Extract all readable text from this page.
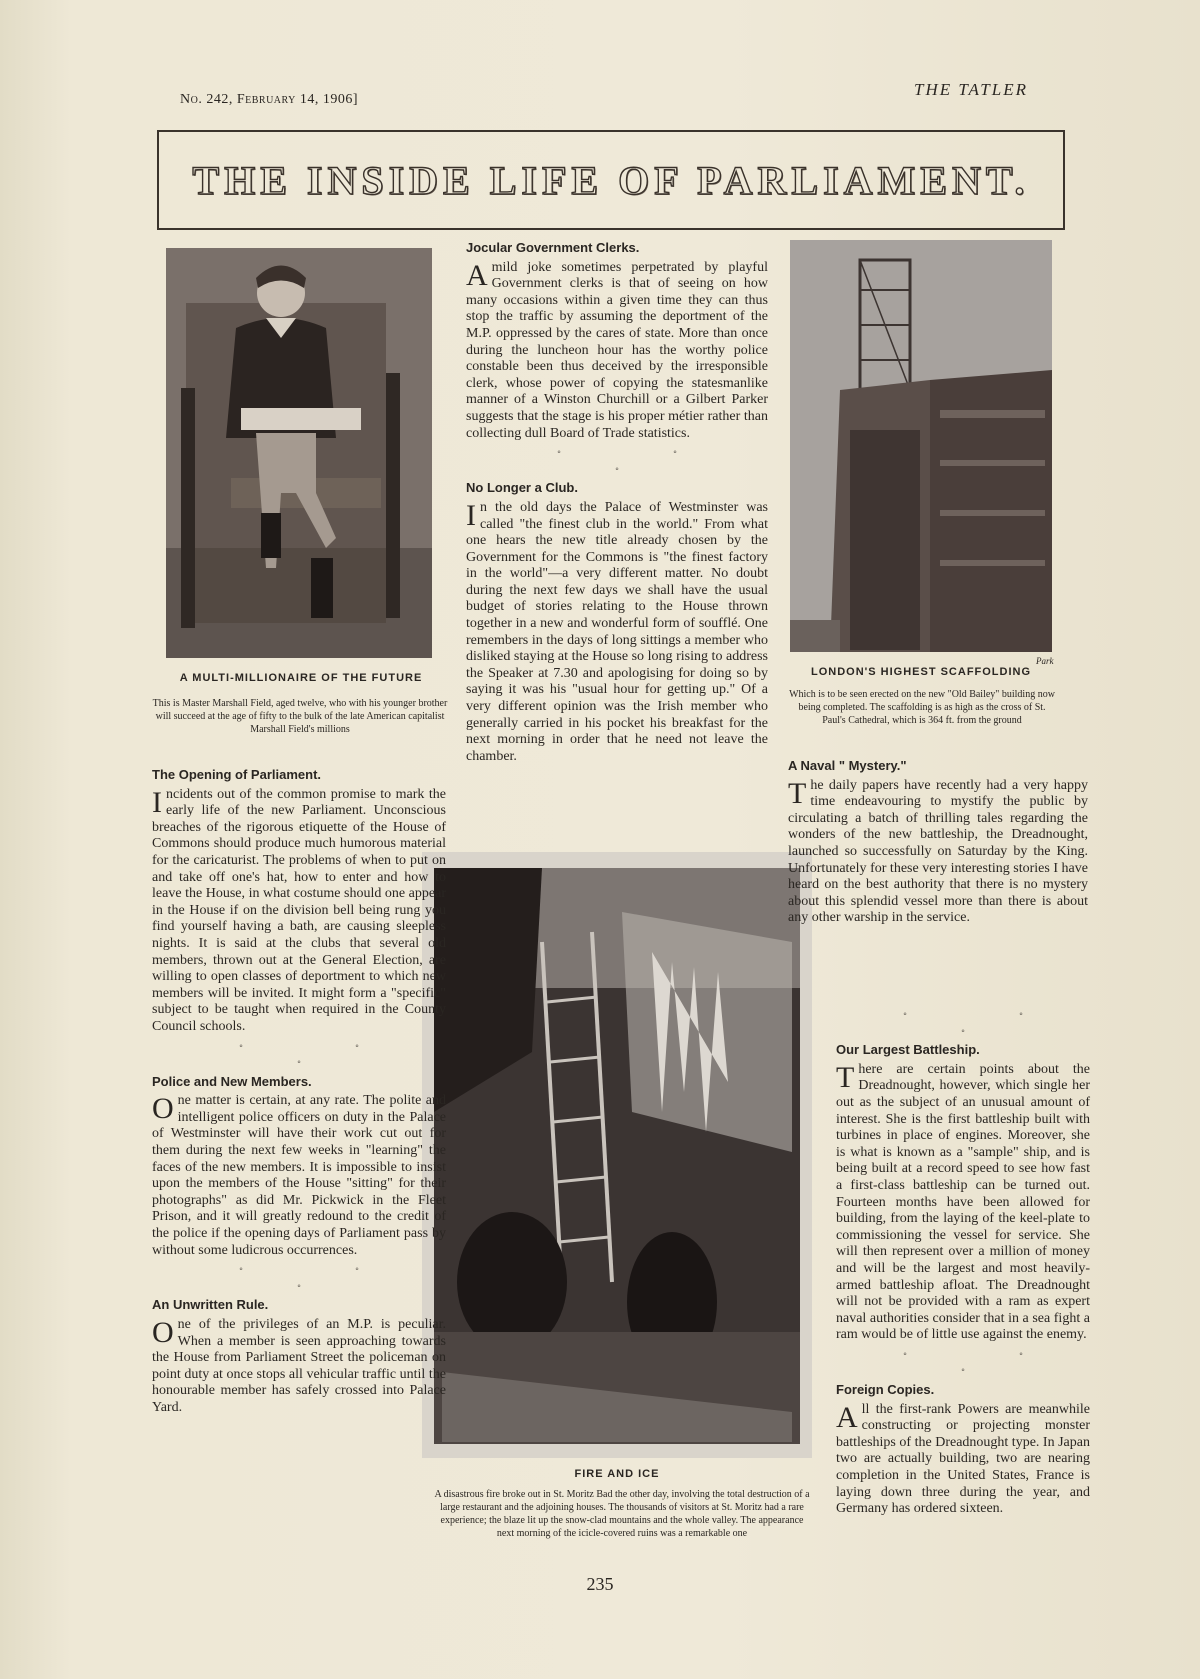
No. 242, February 14, 1906]
THE TATLER
THE INSIDE LIFE OF PARLIAMENT.
A MULTI-MILLIONAIRE OF THE FUTURE
This is Master Marshall Field, aged twelve, who with his younger brother will succeed at the age of fifty to the bulk of the late American capitalist Marshall Field's millions
Park
LONDON'S HIGHEST SCAFFOLDING
Which is to be seen erected on the new "Old Bailey" building now being completed. The scaffolding is as high as the cross of St. Paul's Cathedral, which is 364 ft. from the ground
FIRE AND ICE
A disastrous fire broke out in St. Moritz Bad the other day, involving the total destruction of a large restaurant and the adjoining houses. The thousands of visitors at St. Moritz had a rare experience; the blaze lit up the snow-clad mountains and the whole valley. The appearance next morning of the icicle-covered ruins was a remarkable one
The Opening of Parliament.

Incidents out of the common promise to mark the early life of the new Parliament. Unconscious breaches of the rigorous etiquette of the House of Commons should produce much humorous material for the caricaturist. The problems of when to put on and take off one's hat, how to enter and how to leave the House, in what costume should one appear in the House if on the division bell being rung you find yourself having a bath, are causing sleepless nights. It is said at the clubs that several old members, thrown out at the General Election, are willing to open classes of deportment to which new members will be invited. It might form a "specific" subject to be taught when required in the County Council schools.

◦ ◦ ◦
Police and New Members.

One matter is certain, at any rate. The polite and intelligent police officers on duty in the Palace of Westminster will have their work cut out for them during the next few weeks in "learning" the faces of the new members. It is impossible to insist upon the members of the House "sitting" for their photographs" as did Mr. Pickwick in the Fleet Prison, and it will greatly redound to the credit of the police if the opening days of Parliament pass by without some ludicrous occurrences.

◦ ◦ ◦
An Unwritten Rule.

One of the privileges of an M.P. is peculiar. When a member is seen approaching towards the House from Parliament Street the policeman on point duty at once stops all vehicular traffic until the honourable member has safely crossed into Palace Yard.

Jocular Government Clerks.

A mild joke sometimes perpetrated by playful Government clerks is that of seeing on how many occasions within a given time they can thus stop the traffic by assuming the deportment of the M.P. oppressed by the cares of state. More than once during the luncheon hour has the worthy police constable been thus deceived by the irresponsible clerk, whose power of copying the statesmanlike manner of a Winston Churchill or a Gilbert Parker suggests that the stage is his proper métier rather than collecting dull Board of Trade statistics.

◦ ◦ ◦
No Longer a Club.

In the old days the Palace of Westminster was called "the finest club in the world." From what one hears the new title already chosen by the Government for the Commons is "the finest factory in the world"—a very different matter. No doubt during the next few days we shall have the usual budget of stories relating to the House thrown together in a new and wonderful form of soufflé. One remembers in the days of long sittings a member who disliked staying at the House so long rising to address the Speaker at 7.30 and apologising for doing so by saying it was his "usual hour for getting up." Of a very different opinion was the Irish member who generally carried in his pocket his breakfast for the next morning in order that he need not leave the chamber.

A Naval " Mystery."

The daily papers have recently had a very happy time endeavouring to mystify the public by circulating a batch of thrilling tales regarding the wonders of the new battleship, the Dreadnought, launched so successfully on Saturday by the King. Unfortunately for these very interesting stories I have heard on the best authority that there is no mystery about this splendid vessel more than there is about any other warship in the service.

◦ ◦ ◦
Our Largest Battleship.

There are certain points about the Dreadnought, however, which single her out as the subject of an unusual amount of interest. She is the first battleship built with turbines in place of engines. Moreover, she is what is known as a "sample" ship, and is being built at a record speed to see how fast a first-class battleship can be turned out. Fourteen months have been allowed for building, from the laying of the keel-plate to commissioning the vessel for service. She will then represent over a million of money and will be the largest and most heavily-armed battleship afloat. The Dreadnought will not be provided with a ram as expert naval authorities consider that in a sea fight a ram would be of little use against the enemy.

◦ ◦ ◦
Foreign Copies.

All the first-rank Powers are meanwhile constructing or projecting monster battleships of the Dreadnought type. In Japan two are actually building, two are nearing completion in the United States, France is laying down three during the year, and Germany has ordered sixteen.

235
